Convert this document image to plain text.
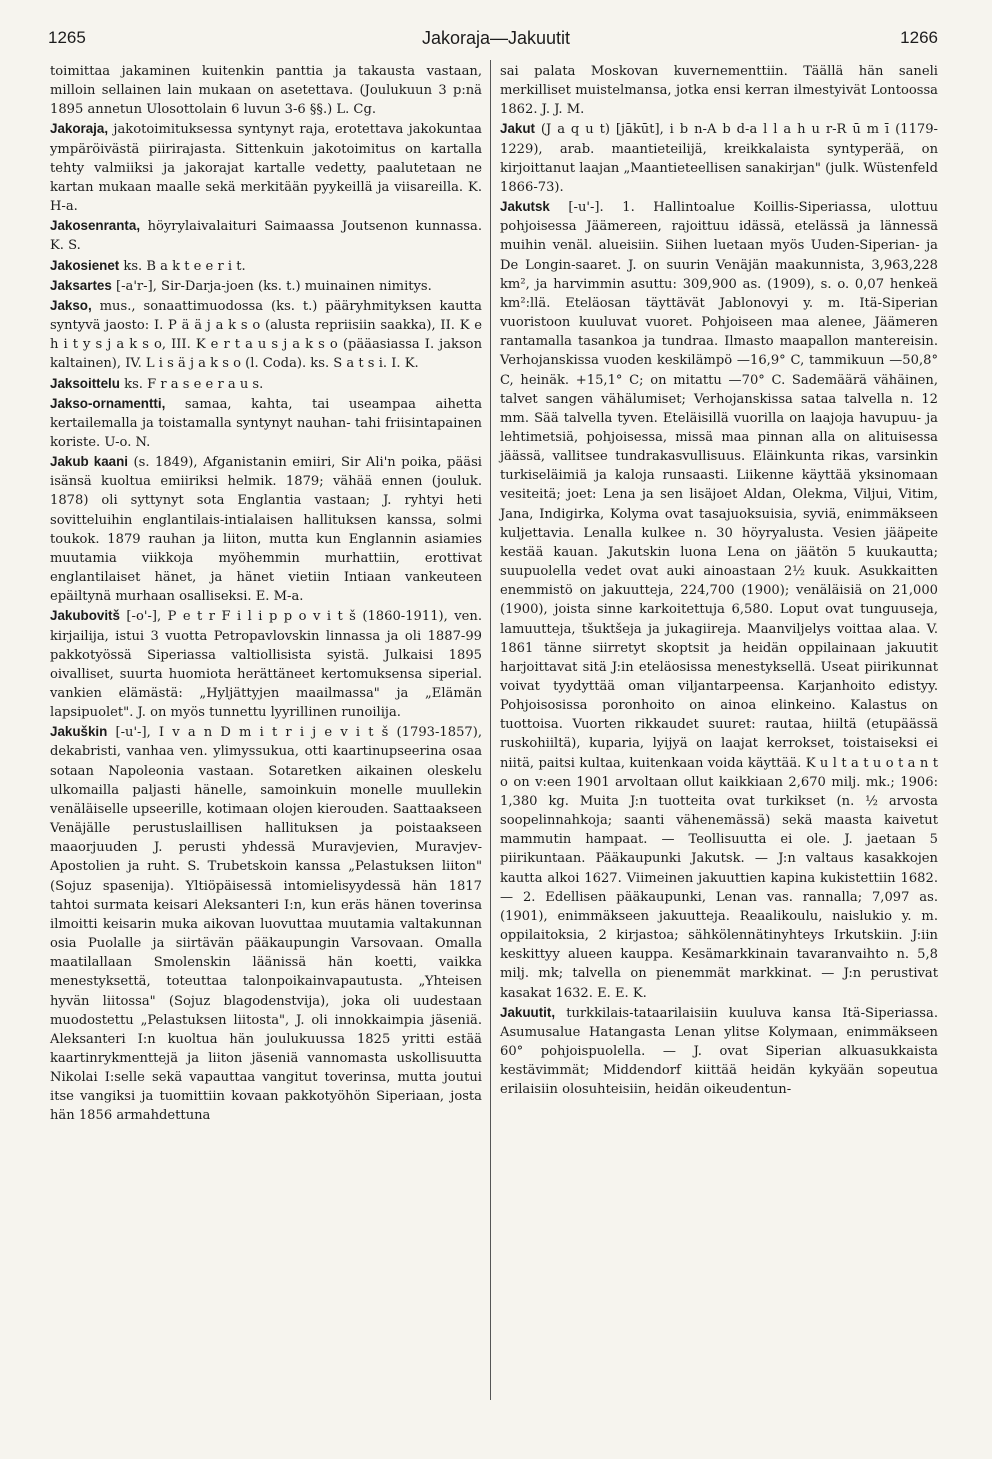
1265	Jakoraja—Jakuutit	1266

toimittaa jakaminen kuitenkin panttia ja takausta vastaan, milloin sellainen lain mukaan on asetettava. (Joulukuun 3 p:nä 1895 annetun Ulosottolain 6 luvun 3-6 §§.) L. Cg.

Jakoraja, jakotoimituksessa syntynyt raja, erotettava jakokuntaa ympäröivästä piirirajasta. Sittenkuin jakotoimitus on kartalla tehty valmiiksi ja jakorajat kartalle vedetty, paalutetaan ne kartan mukaan maalle sekä merkitään pyykeillä ja viisareilla. K. H-a.

Jakosenranta, höyrylaivalaituri Saimaassa Joutsenon kunnassa. K. S.

Jakosienet ks. B a k t e e r i t.

Jaksartes [-a'r-], Sir-Darja-joen (ks. t.) muinainen nimitys.

Jakso, mus., sonaattimuodossa (ks. t.) pääryhmityksen kautta syntyvä jaosto: I. P ä ä j a k s o (alusta repriisiin saakka), II. K e h i t y s j a k s o, III. K e r t a u s j a k s o (pääasiassa I. jakson kaltainen), IV. L i s ä j a k s o (l. Coda). ks. S a t s i. I. K.

Jaksoittelu ks. F r a s e e r a u s.

Jakso-ornamentti, samaa, kahta, tai useampaa aihetta kertailemalla ja toistamalla syntynyt nauhan- tahi friisintapainen koriste. U-o. N.

Jakub kaani (s. 1849), Afganistanin emiiri, Sir Ali'n poika, pääsi isänsä kuoltua emiiriksi helmik. 1879; vähää ennen (jouluk. 1878) oli syttynyt sota Englantia vastaan; J. ryhtyi heti sovitteluihin englantilais-intialaisen hallituksen kanssa, solmi toukok. 1879 rauhan ja liiton, mutta kun Englannin asiamies muutamia viikkoja myöhemmin murhattiin, erottivat englantilaiset hänet, ja hänet vietiin Intiaan vankeuteen epäiltynä murhaan osalliseksi. E. M-a.

Jakubovitš [-o'-], P e t r F i l i p p o v i t š (1860-1911), ven. kirjailija, istui 3 vuotta Petropavlovskin linnassa ja oli 1887-99 pakkotyössä Siperiassa valtiollisista syistä. Julkaisi 1895 oivalliset, suurta huomiota herättäneet kertomuksensa siperial. vankien elämästä: „Hyljättyjen maailmassa" ja „Elämän lapsipuolet". J. on myös tunnettu lyyrillinen runoilija.

Jakuškin [-u'-], I v a n D m i t r i j e v i t š (1793-1857), dekabristi, vanhaa ven. ylimyssukua, otti kaartinupseerina osaa sotaan Napoleonia vastaan. Sotaretken aikainen oleskelu ulkomailla paljasti hänelle, samoinkuin monelle muullekin venäläiselle upseerille, kotimaan olojen kierouden. Saattaakseen Venäjälle perustuslaillisen hallituksen ja poistaakseen maaorjuuden J. perusti yhdessä Muravjevien, Muravjev-Apostolien ja ruht. S. Trubetskoin kanssa „Pelastuksen liiton" (Sojuz spasenija). Yltiöpäisessä intomielisyydessä hän 1817 tahtoi surmata keisari Aleksanteri I:n, kun eräs hänen toverinsa ilmoitti keisarin muka aikovan luovuttaa muutamia valtakunnan osia Puolalle ja siirtävän pääkaupungin Varsovaan. Omalla maatilallaan Smolenskin läänissä hän koetti, vaikka menestyksettä, toteuttaa talonpoikainvapautusta. „Yhteisen hyvän liitossa" (Sojuz blagodenstvija), joka oli uudestaan muodostettu „Pelastuksen liitosta", J. oli innokkaimpia jäseniä. Aleksanteri I:n kuoltua hän joulukuussa 1825 yritti estää kaartinrykmenttejä ja liiton jäseniä vannomasta uskollisuutta Nikolai I:selle sekä vapauttaa vangitut toverinsa, mutta joutui itse vangiksi ja tuomittiin kovaan pakkotyöhön Siperiaan, josta hän 1856 armahdettuna

sai palata Moskovan kuvernementtiin. Täällä hän saneli merkilliset muistelmansa, jotka ensi kerran ilmestyivät Lontoossa 1862. J. J. M.

Jakut (J a q u t) [jākūt], i b n-A b d-a l l a h u r-R ū m ī (1179-1229), arab. maantieteilijä, kreikkalaista syntyperää, on kirjoittanut laajan „Maantieteellisen sanakirjan" (julk. Wüstenfeld 1866-73).

Jakutsk [-u'-]. 1. Hallintoalue Koillis-Siperiassa, ulottuu pohjoisessa Jäämereen, rajoittuu idässä, etelässä ja lännessä muihin venäl. alueisiin. Siihen luetaan myös Uuden-Siperian- ja De Longin-saaret. J. on suurin Venäjän maakunnista, 3,963,228 km², ja harvimmin asuttu: 309,900 as. (1909), s. o. 0,07 henkeä km²:llä. Eteläosan täyttävät Jablonovyi y. m. Itä-Siperian vuoristoon kuuluvat vuoret. Pohjoiseen maa alenee, Jäämeren rantamalla tasankoa ja tundraa. Ilmasto maapallon mantereisin. Verhojanskissa vuoden keskilämpö —16,9° C, tammikuun —50,8° C, heinäk. +15,1° C; on mitattu —70° C. Sademäärä vähäinen, talvet sangen vähälumiset; Verhojanskissa sataa talvella n. 12 mm. Sää talvella tyven. Eteläisillä vuorilla on laajoja havupuu- ja lehtimetsiä, pohjoisessa, missä maa pinnan alla on alituisessa jäässä, vallitsee tundrakasvullisuus. Eläinkunta rikas, varsinkin turkiseläimiä ja kaloja runsaasti. Liikenne käyttää yksinomaan vesiteitä; joet: Lena ja sen lisäjoet Aldan, Olekma, Viljui, Vitim, Jana, Indigirka, Kolyma ovat tasajuoksuisia, syviä, enimmäkseen kuljettavia. Lenalla kulkee n. 30 höyryalusta. Vesien jääpeite kestää kauan. Jakutskin luona Lena on jäätön 5 kuukautta; suupuolella vedet ovat auki ainoastaan 2½ kuuk. Asukkaitten enemmistö on jakuutteja, 224,700 (1900); venäläisiä on 21,000 (1900), joista sinne karkoitettuja 6,580. Loput ovat tunguuseja, lamuutteja, tšuktšeja ja jukagiireja. Maanviljelys voittaa alaa. V. 1861 tänne siirretyt skoptsit ja heidän oppilainaan jakuutit harjoittavat sitä J:in eteläosissa menestyksellä. Useat piirikunnat voivat tyydyttää oman viljantarpeensa. Karjanhoito edistyy. Pohjoisosissa poronhoito on ainoa elinkeino. Kalastus on tuottoisa. Vuorten rikkaudet suuret: rautaa, hiiltä (etupäässä ruskohiiltä), kuparia, lyijyä on laajat kerrokset, toistaiseksi ei niitä, paitsi kultaa, kuitenkaan voida käyttää. K u l t a t u o t a n t o on v:een 1901 arvoltaan ollut kaikkiaan 2,670 milj. mk.; 1906: 1,380 kg. Muita J:n tuotteita ovat turkikset (n. ½ arvosta soopelinnahkoja; saanti vähenemässä) sekä maasta kaivetut mammutin hampaat. — Teollisuutta ei ole. J. jaetaan 5 piirikuntaan. Pääkaupunki Jakutsk. — J:n valtaus kasakkojen kautta alkoi 1627. Viimeinen jakuuttien kapina kukistettiin 1682. — 2. Edellisen pääkaupunki, Lenan vas. rannalla; 7,097 as. (1901), enimmäkseen jakuutteja. Reaalikoulu, naislukio y. m. oppilaitoksia, 2 kirjastoa; sähkölennätinyhteys Irkutskiin. J:iin keskittyy alueen kauppa. Kesämarkkinain tavaranvaihto n. 5,8 milj. mk; talvella on pienemmät markkinat. — J:n perustivat kasakat 1632. E. E. K.

Jakuutit, turkkilais-tataarilaisiin kuuluva kansa Itä-Siperiassa. Asumusalue Hatangasta Lenan ylitse Kolymaan, enimmäkseen 60° pohjoispuolella. — J. ovat Siperian alkuasukkaista kestävimmät; Middendorf kiittää heidän kykyään sopeutua erilaisiin olosuhteisiin, heidän oikeudentun-
